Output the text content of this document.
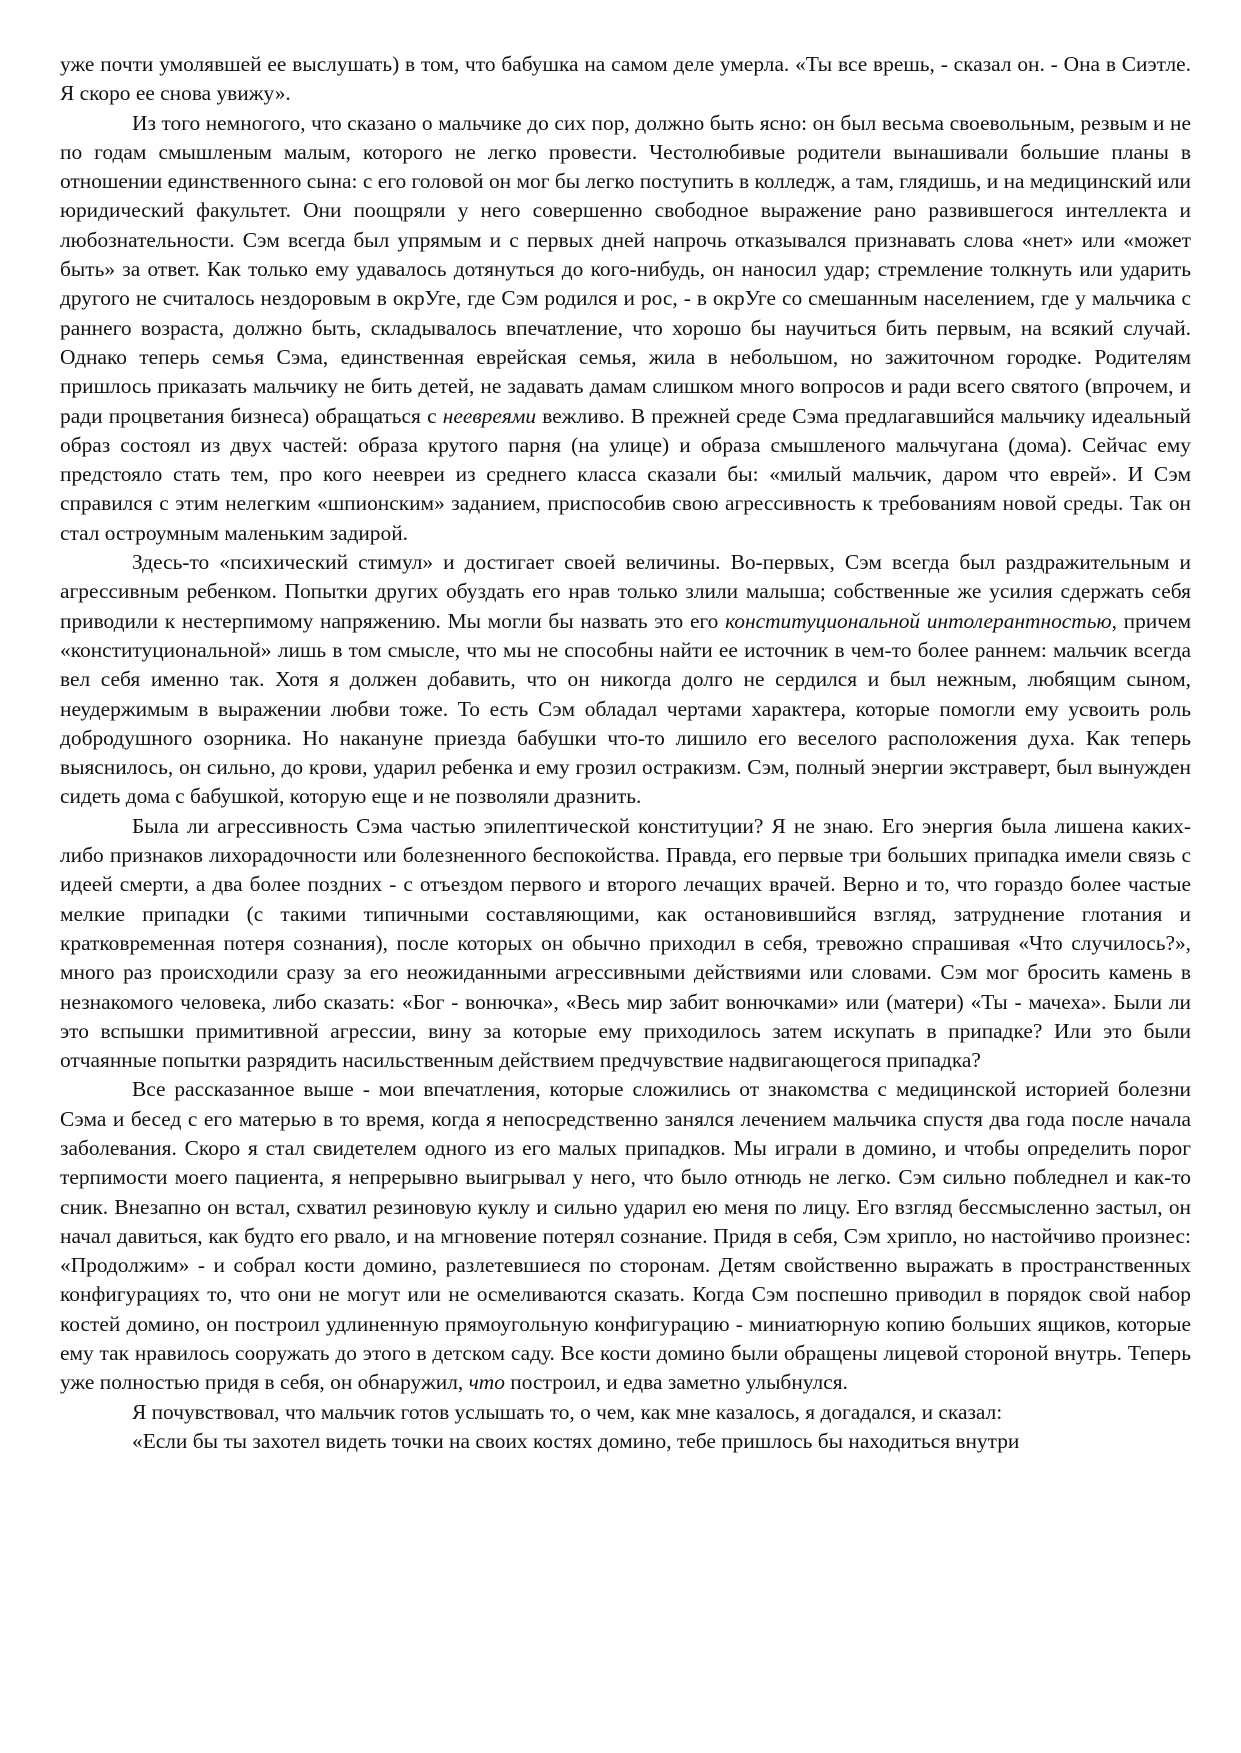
уже почти умолявшей ее выслушать) в том, что бабушка на самом деле умерла. «Ты все врешь, - сказал он. - Она в Сиэтле. Я скоро ее снова увижу».

Из того немногого, что сказано о мальчике до сих пор, должно быть ясно: он был весьма своевольным, резвым и не по годам смышленым малым, которого не легко провести. Честолюбивые родители вынашивали большие планы в отношении единственного сына: с его головой он мог бы легко поступить в колледж, а там, глядишь, и на медицинский или юридический факультет. Они поощряли у него совершенно свободное выражение рано развившегося интеллекта и любознательности. Сэм всегда был упрямым и с первых дней напрочь отказывался признавать слова «нет» или «может быть» за ответ. Как только ему удавалось дотянуться до кого-нибудь, он наносил удар; стремление толкнуть или ударить другого не считалось нездоровым в окрУге, где Сэм родился и рос, - в окрУге со смешанным населением, где у мальчика с раннего возраста, должно быть, складывалось впечатление, что хорошо бы научиться бить первым, на всякий случай. Однако теперь семья Сэма, единственная еврейская семья, жила в небольшом, но зажиточном городке. Родителям пришлось приказать мальчику не бить детей, не задавать дамам слишком много вопросов и ради всего святого (впрочем, и ради процветания бизнеса) обращаться с неевреями вежливо. В прежней среде Сэма предлагавшийся мальчику идеальный образ состоял из двух частей: образа крутого парня (на улице) и образа смышленого мальчугана (дома). Сейчас ему предстояло стать тем, про кого неевреи из среднего класса сказали бы: «милый мальчик, даром что еврей». И Сэм справился с этим нелегким «шпионским» заданием, приспособив свою агрессивность к требованиям новой среды. Так он стал остроумным маленьким задирой.

Здесь-то «психический стимул» и достигает своей величины. Во-первых, Сэм всегда был раздражительным и агрессивным ребенком. Попытки других обуздать его нрав только злили малыша; собственные же усилия сдержать себя приводили к нестерпимому напряжению. Мы могли бы назвать это его конституциональной интолерантностью, причем «конституциональной» лишь в том смысле, что мы не способны найти ее источник в чем-то более раннем: мальчик всегда вел себя именно так. Хотя я должен добавить, что он никогда долго не сердился и был нежным, любящим сыном, неудержимым в выражении любви тоже. То есть Сэм обладал чертами характера, которые помогли ему усвоить роль добродушного озорника. Но накануне приезда бабушки что-то лишило его веселого расположения духа. Как теперь выяснилось, он сильно, до крови, ударил ребенка и ему грозил остракизм. Сэм, полный энергии экстраверт, был вынужден сидеть дома с бабушкой, которую еще и не позволяли дразнить.

Была ли агрессивность Сэма частью эпилептической конституции? Я не знаю. Его энергия была лишена каких-либо признаков лихорадочности или болезненного беспокойства. Правда, его первые три больших припадка имели связь с идеей смерти, а два более поздних - с отъездом первого и второго лечащих врачей. Верно и то, что гораздо более частые мелкие припадки (с такими типичными составляющими, как остановившийся взгляд, затруднение глотания и кратковременная потеря сознания), после которых он обычно приходил в себя, тревожно спрашивая «Что случилось?», много раз происходили сразу за его неожиданными агрессивными действиями или словами. Сэм мог бросить камень в незнакомого человека, либо сказать: «Бог - вонючка», «Весь мир забит вонючками» или (матери) «Ты - мачеха». Были ли это вспышки примитивной агрессии, вину за которые ему приходилось затем искупать в припадке? Или это были отчаянные попытки разрядить насильственным действием предчувствие надвигающегося припадка?

Все рассказанное выше - мои впечатления, которые сложились от знакомства с медицинской историей болезни Сэма и бесед с его матерью в то время, когда я непосредственно занялся лечением мальчика спустя два года после начала заболевания. Скоро я стал свидетелем одного из его малых припадков. Мы играли в домино, и чтобы определить порог терпимости моего пациента, я непрерывно выигрывал у него, что было отнюдь не легко. Сэм сильно побледнел и как-то сник. Внезапно он встал, схватил резиновую куклу и сильно ударил ею меня по лицу. Его взгляд бессмысленно застыл, он начал давиться, как будто его рвало, и на мгновение потерял сознание. Придя в себя, Сэм хрипло, но настойчиво произнес: «Продолжим» - и собрал кости домино, разлетевшиеся по сторонам. Детям свойственно выражать в пространственных конфигурациях то, что они не могут или не осмеливаются сказать. Когда Сэм поспешно приводил в порядок свой набор костей домино, он построил удлиненную прямоугольную конфигурацию - миниатюрную копию больших ящиков, которые ему так нравилось сооружать до этого в детском саду. Все кости домино были обращены лицевой стороной внутрь. Теперь уже полностью придя в себя, он обнаружил, что построил, и едва заметно улыбнулся.

Я почувствовал, что мальчик готов услышать то, о чем, как мне казалось, я догадался, и сказал:

«Если бы ты захотел видеть точки на своих костях домино, тебе пришлось бы находиться внутри
